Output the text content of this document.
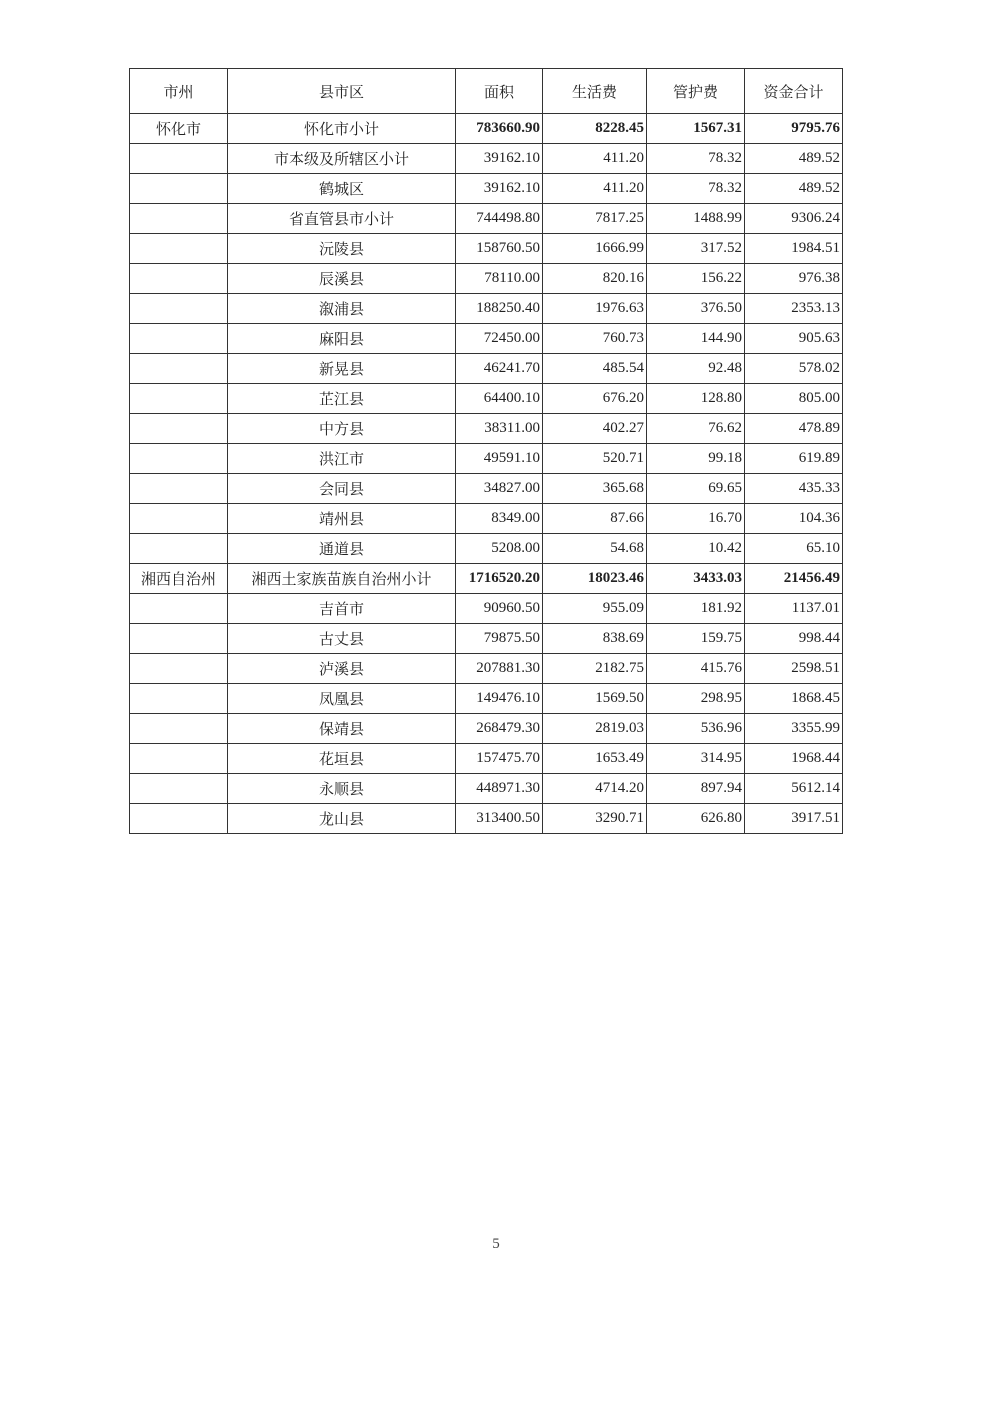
市州	县市区	面积	生活费	管护费	资金合计
怀化市	怀化市小计	783660.90	8228.45	1567.31	9795.76
	市本级及所辖区小计	39162.10	411.20	78.32	489.52
	鹤城区	39162.10	411.20	78.32	489.52
	省直管县市小计	744498.80	7817.25	1488.99	9306.24
	沅陵县	158760.50	1666.99	317.52	1984.51
	辰溪县	78110.00	820.16	156.22	976.38
	溆浦县	188250.40	1976.63	376.50	2353.13
	麻阳县	72450.00	760.73	144.90	905.63
	新晃县	46241.70	485.54	92.48	578.02
	芷江县	64400.10	676.20	128.80	805.00
	中方县	38311.00	402.27	76.62	478.89
	洪江市	49591.10	520.71	99.18	619.89
	会同县	34827.00	365.68	69.65	435.33
	靖州县	8349.00	87.66	16.70	104.36
	通道县	5208.00	54.68	10.42	65.10
湘西自治州	湘西土家族苗族自治州小计	1716520.20	18023.46	3433.03	21456.49
	吉首市	90960.50	955.09	181.92	1137.01
	古丈县	79875.50	838.69	159.75	998.44
	泸溪县	207881.30	2182.75	415.76	2598.51
	凤凰县	149476.10	1569.50	298.95	1868.45
	保靖县	268479.30	2819.03	536.96	3355.99
	花垣县	157475.70	1653.49	314.95	1968.44
	永顺县	448971.30	4714.20	897.94	5612.14
	龙山县	313400.50	3290.71	626.80	3917.51
5
